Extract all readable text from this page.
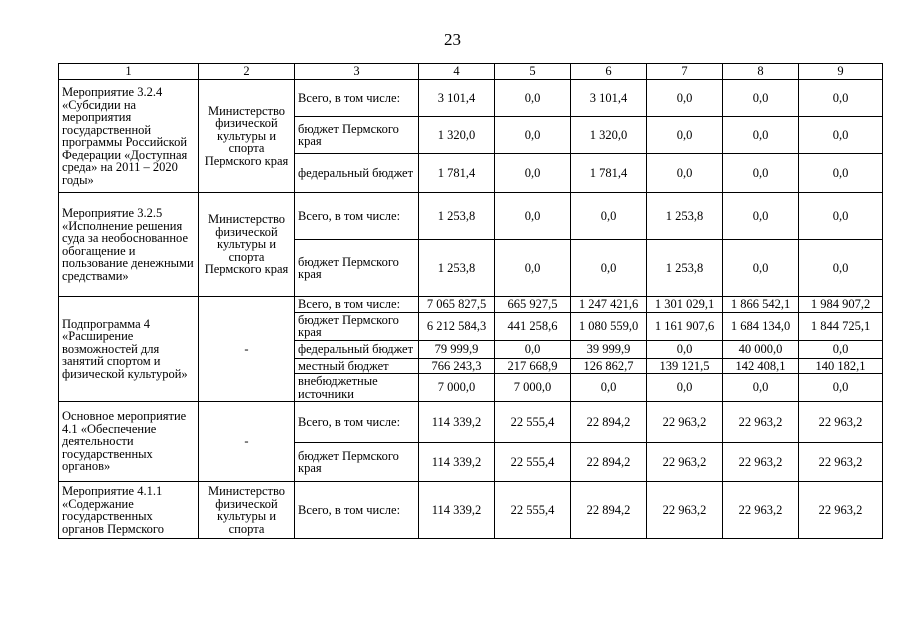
23
1	2	3	4	5	6	7	8	9
Мероприятие 3.2.4 «Субсидии на мероприятия государственной программы Российской Федерации «Доступная среда» на 2011 – 2020 годы»	Министерство физической культуры и спорта Пермского края	Всего, в том числе:	3 101,4	0,0	3 101,4	0,0	0,0	0,0
		бюджет Пермского края	1 320,0	0,0	1 320,0	0,0	0,0	0,0
		федеральный бюджет	1 781,4	0,0	1 781,4	0,0	0,0	0,0
Мероприятие 3.2.5 «Исполнение решения суда за необоснованное обогащение и пользование денежными средствами»	Министерство физической культуры и спорта Пермского края	Всего, в том числе:	1 253,8	0,0	0,0	1 253,8	0,0	0,0
		бюджет Пермского края	1 253,8	0,0	0,0	1 253,8	0,0	0,0
Подпрограмма 4 «Расширение возможностей для занятий спортом и физической культурой»	-	Всего, в том числе:	7 065 827,5	665 927,5	1 247 421,6	1 301 029,1	1 866 542,1	1 984 907,2
		бюджет Пермского края	6 212 584,3	441 258,6	1 080 559,0	1 161 907,6	1 684 134,0	1 844 725,1
		федеральный бюджет	79 999,9	0,0	39 999,9	0,0	40 000,0	0,0
		местный бюджет	766 243,3	217 668,9	126 862,7	139 121,5	142 408,1	140 182,1
		внебюджетные источники	7 000,0	7 000,0	0,0	0,0	0,0	0,0
Основное мероприятие 4.1 «Обеспечение деятельности государственных органов»	-	Всего, в том числе:	114 339,2	22 555,4	22 894,2	22 963,2	22 963,2	22 963,2
		бюджет Пермского края	114 339,2	22 555,4	22 894,2	22 963,2	22 963,2	22 963,2
Мероприятие 4.1.1 «Содержание государственных органов Пермского	Министерство физической культуры и спорта	Всего, в том числе:	114 339,2	22 555,4	22 894,2	22 963,2	22 963,2	22 963,2
